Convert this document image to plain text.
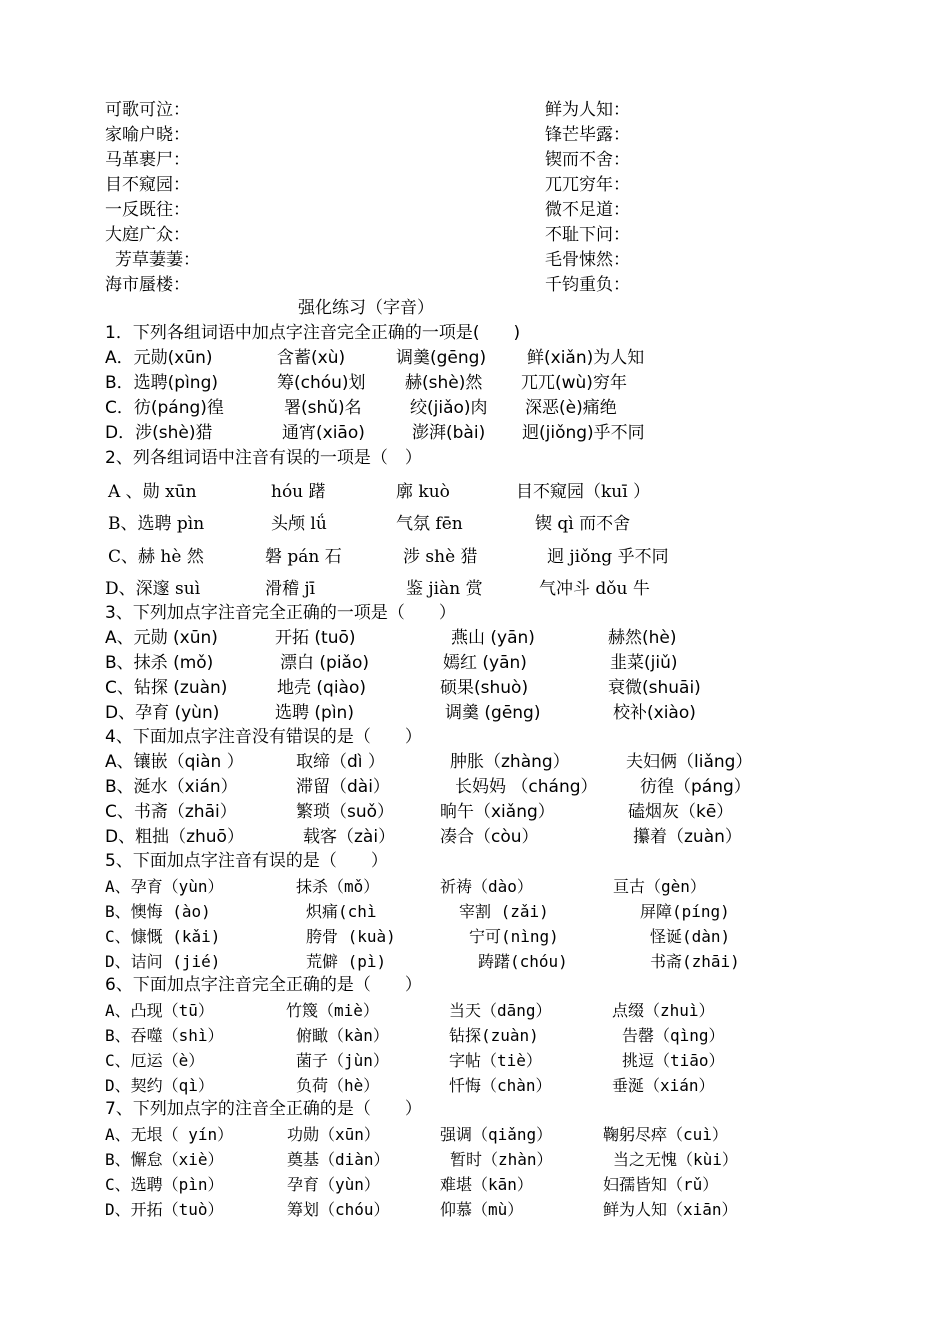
可歌可泣：	鲜为人知：
家喻户晓：	锋芒毕露：
马革裹尸：	锲而不舍：
目不窥园：	兀兀穷年：
一反既往：	微不足道：
大庭广众：	不耻下问：
芳草萋萋：	毛骨悚然：
海市蜃楼：	千钧重负：
强化练习（字音）
1．下列各组词语中加点字注音完全正确的一项是(　　)
A．元勋(xūn)	含蓄(xù)	调羹(gēng) 鲜(xiǎn)为人知
B．选聘(pìng)	筹(chóu)划 赫(shè)然 兀兀(wù)穷年
C．彷(páng)徨	署(shǔ)名	绞(jiǎo)肉 深恶(è)痛绝
D．涉(shè)猎	通宵(xiāo)	澎湃(bài) 迥(jiǒng)乎不同
2、列各组词语中注音有误的一项是（　）
A 、勋 xūn	hóu 躇	廓 kuò	目不窥园（kuī ）
B、选聘 pìn	头颅 lǘ	气氛 fēn	锲 qì 而不舍
C、赫 hè 然	磐 pán 石	涉 shè 猎	迥 jiǒng 乎不同
D、深邃 suì	滑稽 jī	鉴 jiàn 赏	气冲斗 dǒu 牛
3、下列加点字注音完全正确的一项是（　　）
A、元勋 (xūn)	开拓 (tuō)	燕山 (yān)	赫然(hè)
B、抹杀 (mǒ)	漂白 (piǎo)	嫣红 (yān)	韭菜(jiǔ)
C、钻探 (zuàn)	地壳 (qiào)	硕果(shuò)	衰微(shuāi)
D、孕育 (yùn)	选聘 (pìn)	调羹 (gēng)	校补(xiào)
4、下面加点字注音没有错误的是（　　）
A、镶嵌（qiàn ）	取缔（dì ）	肿胀（zhàng）	夫妇俩（liǎng）
B、涎水（xián）	滞留（dài）	长妈妈 （cháng） 彷徨（páng）
C、书斋（zhāi）	繁琐（suǒ）	晌午（xiǎng）	磕烟灰（kē）
D、粗拙（zhuō）	载客（zài）	凑合（còu）	攥着（zuàn）
5、下面加点字注音有误的是（　　）
A、孕育（yùn）	抹杀（mǒ）	祈祷（dào）	亘古（gèn）
B、懊悔 (ào)	炽痛(chì	宰割 (zǎi)	屏障(píng)
C、慷慨 (kǎi)	胯骨 (kuà)	宁可(nìng)	怪诞(dàn)
D、诘问 (jié)	荒僻 (pì)	踌躇(chóu)	书斋(zhāi)
6、下面加点字注音完全正确的是（　　）
A、凸现（tū）	竹篾（miè）	当天（dāng）	点缀（zhuì）
B、吞噬（shì）	俯瞰（kàn）	钻探(zuàn)	告罄（qìng）
C、厄运（è）	菌子（jùn）	字帖（tiè）	挑逗（tiāo）
D、契约（qì）	负荷（hè）	忏悔（chàn）	垂涎（xián）
7、下列加点字的注音全正确的是（　　）
A、无垠（ yín）	功勋（xūn）	强调（qiǎng）	鞠躬尽瘁（cuì）
B、懈怠（xiè）	奠基（diàn）	暂时（zhàn）	当之无愧（kùi）
C、选聘（pìn）	孕育（yùn）	难堪（kān）	妇孺皆知（rǔ）
D、开拓（tuò）	筹划（chóu）	仰慕（mù）	鲜为人知（xiān）
